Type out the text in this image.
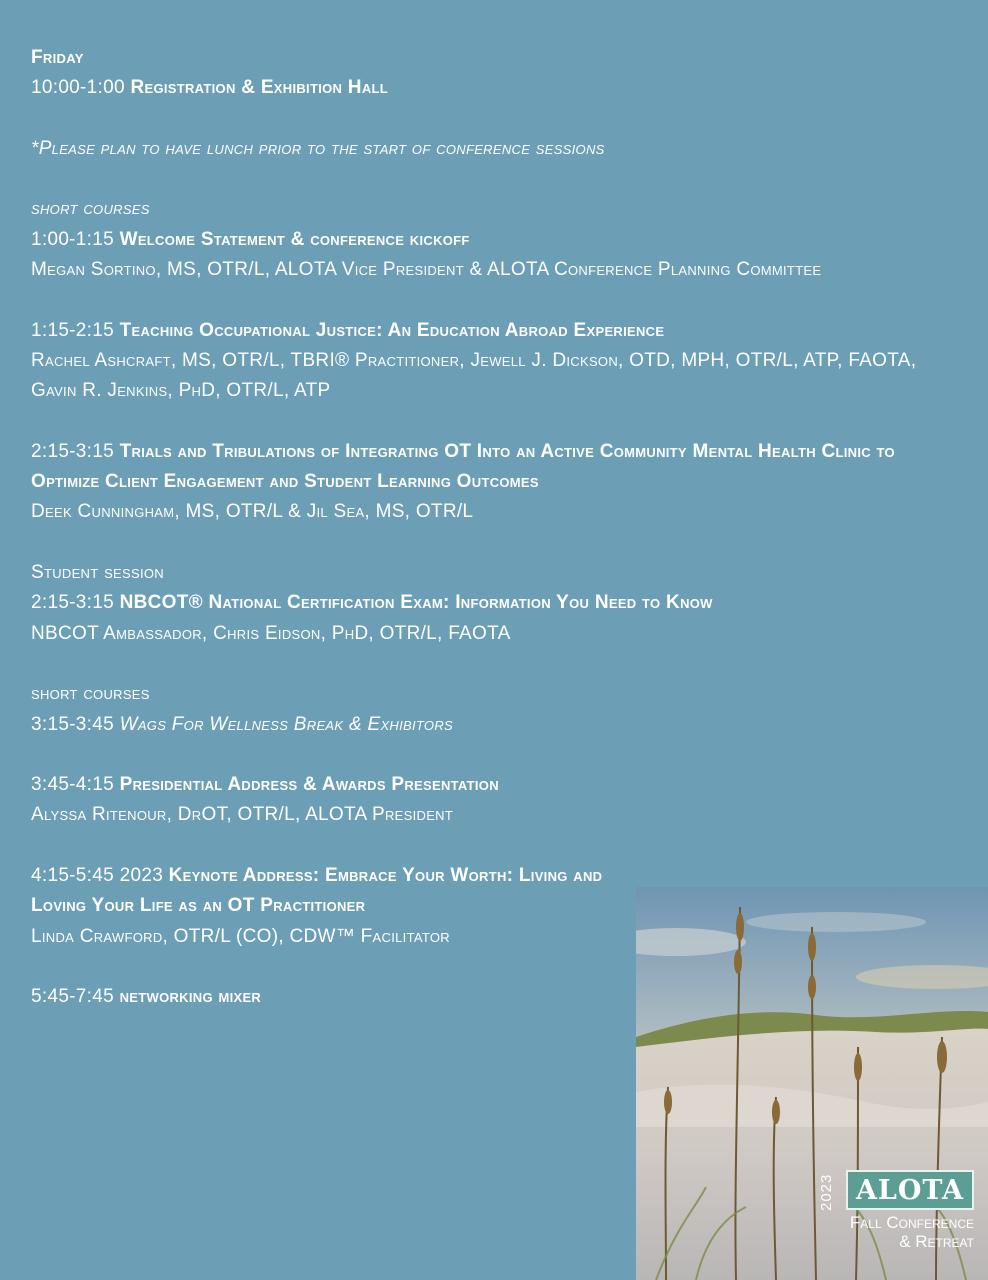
Friday
10:00-1:00 Registration & Exhibition Hall
*Please plan to have lunch prior to the start of conference sessions
short courses
1:00-1:15 Welcome Statement & conference kickoff
Megan Sortino, MS, OTR/L, ALOTA Vice President & ALOTA Conference Planning Committee
1:15-2:15 Teaching Occupational Justice: An Education Abroad Experience
Rachel Ashcraft, MS, OTR/L, TBRI® Practitioner, Jewell J. Dickson, OTD, MPH, OTR/L, ATP, FAOTA, Gavin R. Jenkins, PhD, OTR/L, ATP
2:15-3:15 Trials and Tribulations of Integrating OT Into an Active Community Mental Health Clinic to Optimize Client Engagement and Student Learning Outcomes
Deek Cunningham, MS, OTR/L & Jil Sea, MS, OTR/L
Student session
2:15-3:15 NBCOT® National Certification Exam: Information You Need to Know
NBCOT Ambassador, Chris Eidson, PhD, OTR/L, FAOTA
short courses
3:15-3:45 Wags For Wellness Break & Exhibitors
3:45-4:15 Presidential Address & Awards Presentation
Alyssa Ritenour, DrOT, OTR/L, ALOTA President
4:15-5:45 2023 Keynote Address: Embrace Your Worth: Living and Loving Your Life as an OT Practitioner
Linda Crawford, OTR/L (CO), CDW™ Facilitator
5:45-7:45 networking mixer
ALOTA
2023
Fall Conference
& Retreat
